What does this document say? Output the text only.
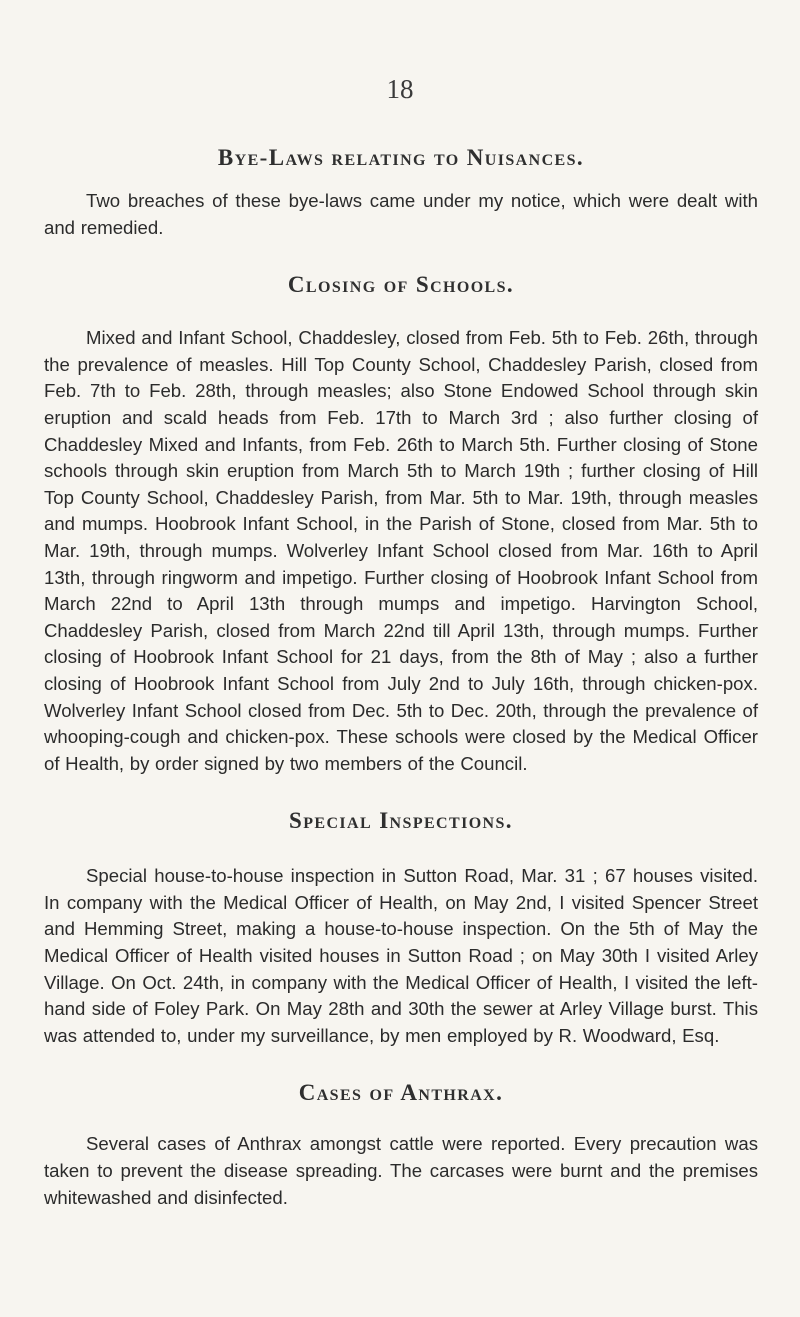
18
Bye-Laws relating to Nuisances.

Two breaches of these bye-laws came under my notice, which were dealt with and remedied.

Closing of Schools.

Mixed and Infant School, Chaddesley, closed from Feb. 5th to Feb. 26th, through the prevalence of measles. Hill Top County School, Chaddesley Parish, closed from Feb. 7th to Feb. 28th, through measles; also Stone Endowed School through skin eruption and scald heads from Feb. 17th to March 3rd ; also further closing of Chaddesley Mixed and Infants, from Feb. 26th to March 5th. Further closing of Stone schools through skin eruption from March 5th to March 19th ; further closing of Hill Top County School, Chaddesley Parish, from Mar. 5th to Mar. 19th, through measles and mumps. Hoobrook Infant School, in the Parish of Stone, closed from Mar. 5th to Mar. 19th, through mumps. Wolverley Infant School closed from Mar. 16th to April 13th, through ringworm and impetigo. Further closing of Hoobrook Infant School from March 22nd to April 13th through mumps and impetigo. Harvington School, Chaddesley Parish, closed from March 22nd till April 13th, through mumps. Further closing of Hoobrook Infant School for 21 days, from the 8th of May ; also a further closing of Hoobrook Infant School from July 2nd to July 16th, through chicken-pox. Wolverley Infant School closed from Dec. 5th to Dec. 20th, through the prevalence of whooping-cough and chicken-pox. These schools were closed by the Medical Officer of Health, by order signed by two members of the Council.

Special Inspections.

Special house-to-house inspection in Sutton Road, Mar. 31 ; 67 houses visited. In company with the Medical Officer of Health, on May 2nd, I visited Spencer Street and Hemming Street, making a house-to-house inspection. On the 5th of May the Medical Officer of Health visited houses in Sutton Road ; on May 30th I visited Arley Village. On Oct. 24th, in company with the Medical Officer of Health, I visited the left-hand side of Foley Park. On May 28th and 30th the sewer at Arley Village burst. This was attended to, under my surveillance, by men employed by R. Woodward, Esq.

Cases of Anthrax.

Several cases of Anthrax amongst cattle were reported. Every precaution was taken to prevent the disease spreading. The carcases were burnt and the premises whitewashed and disinfected.
